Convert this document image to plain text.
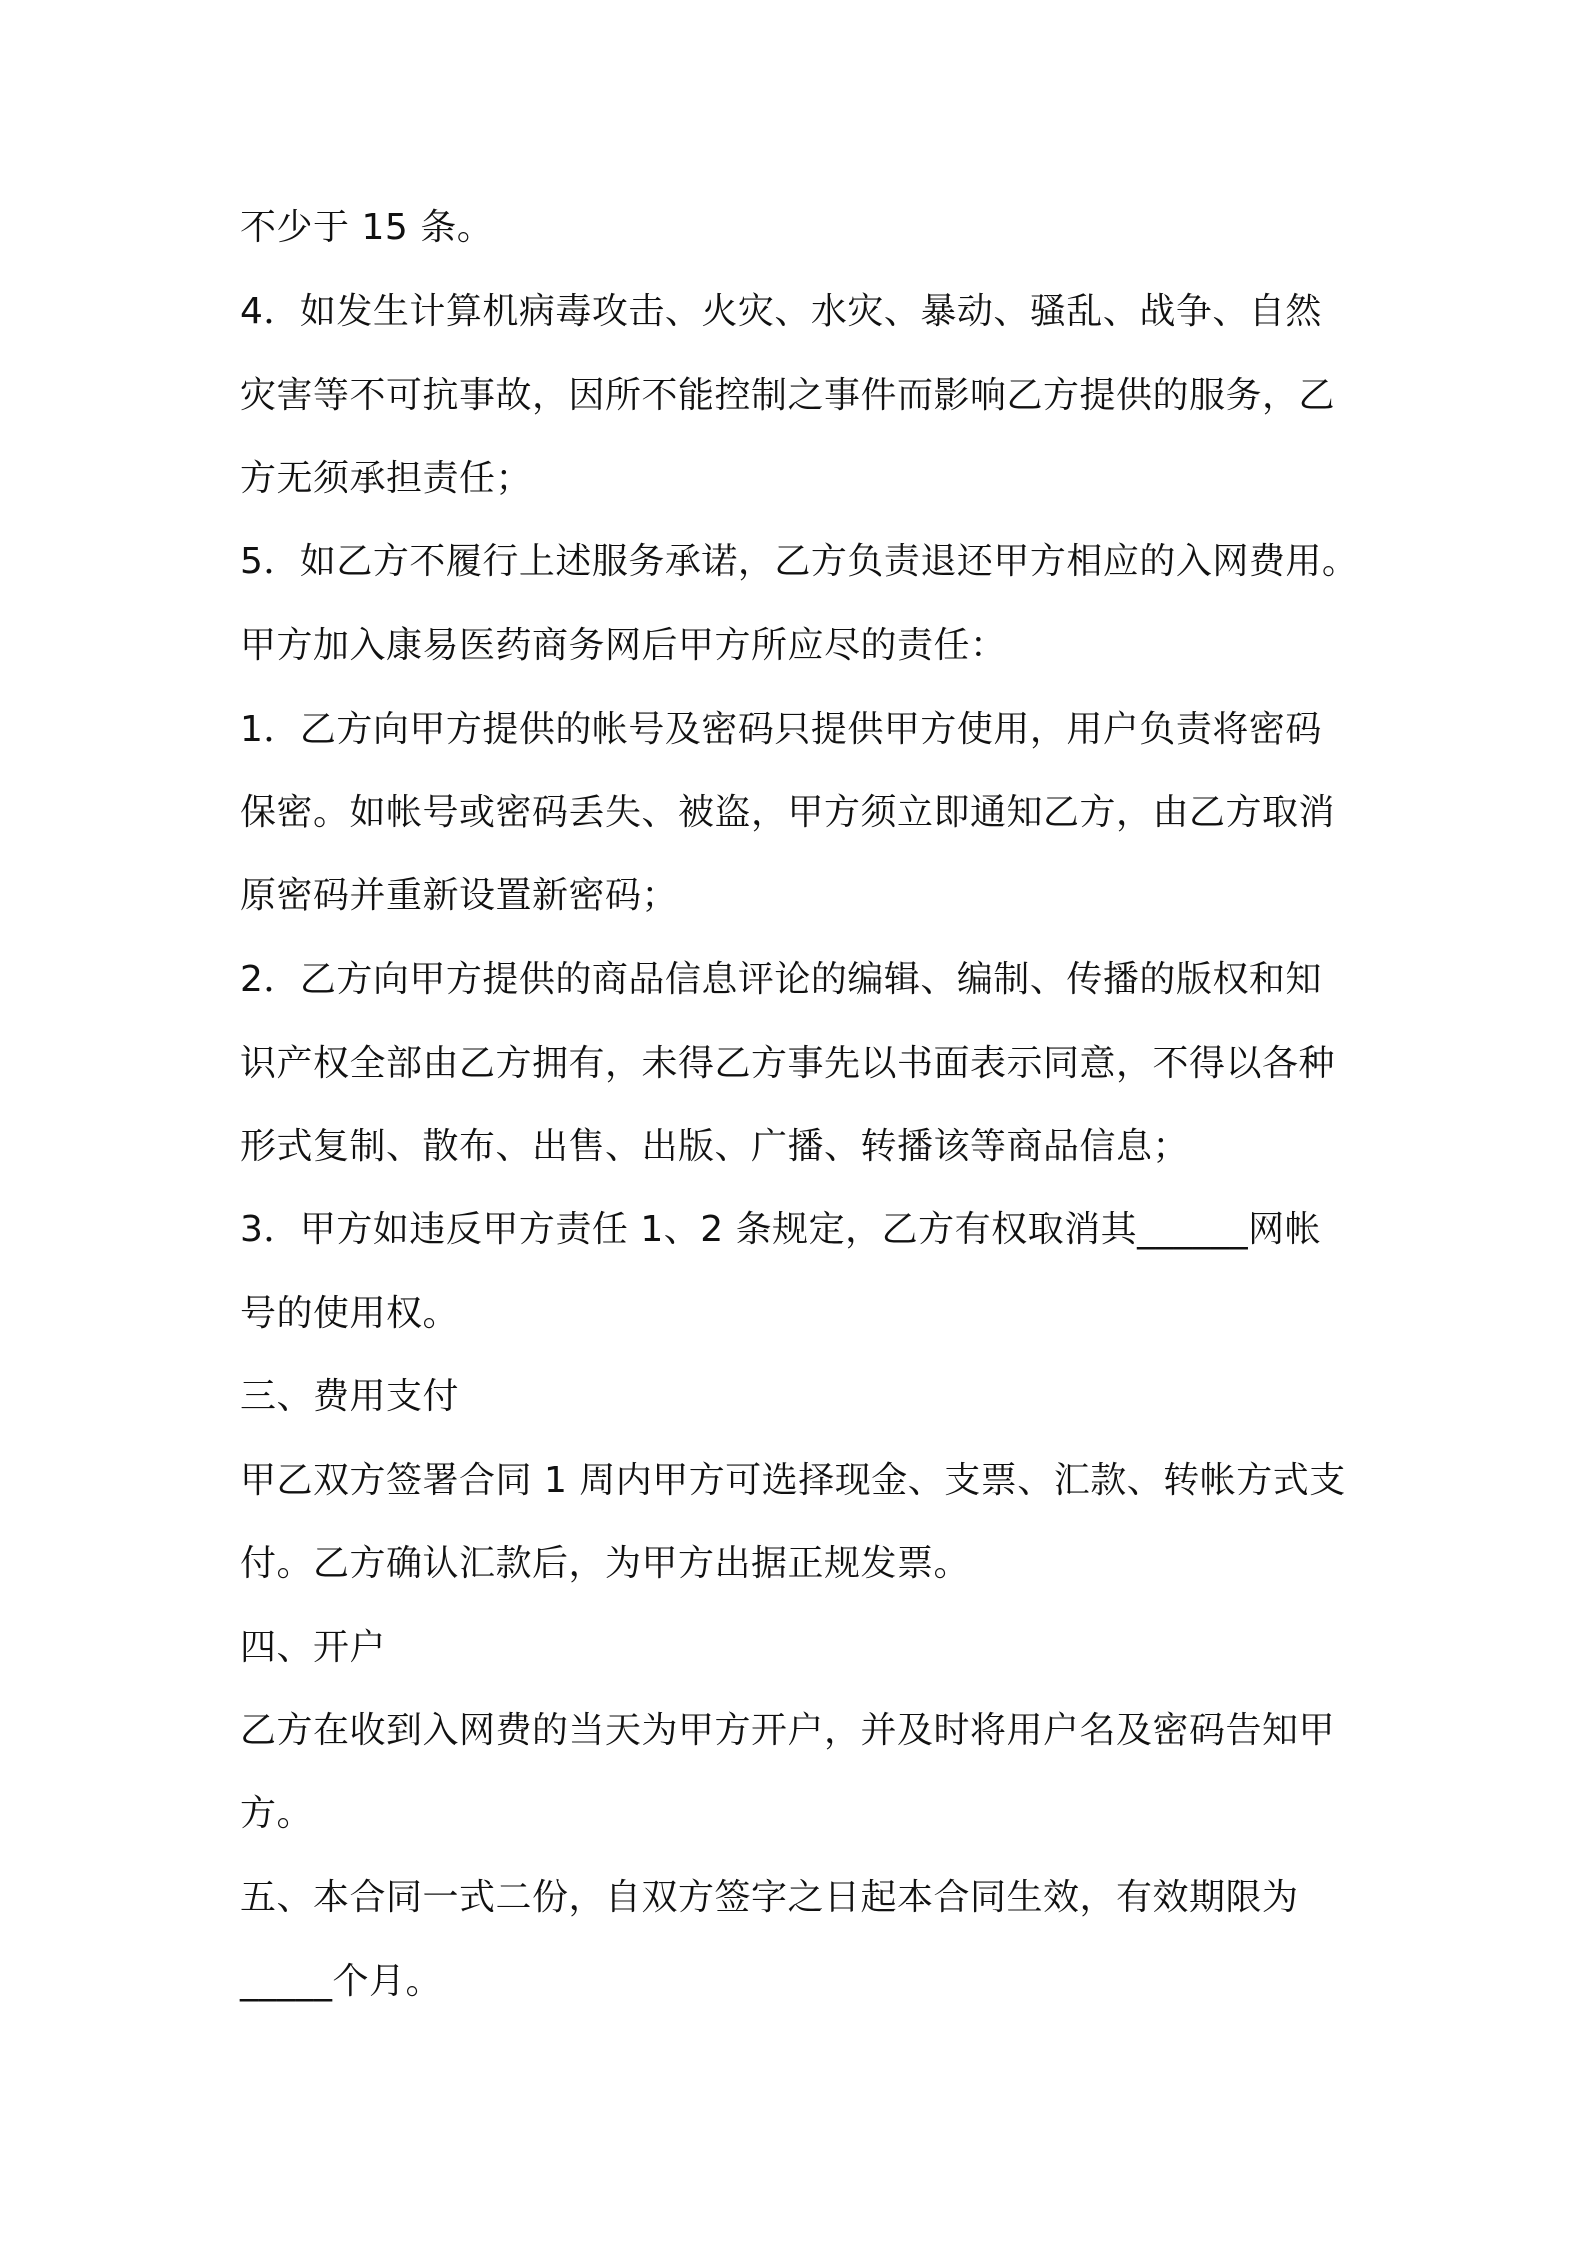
不少于 15 条。

4．如发生计算机病毒攻击、火灾、水灾、暴动、骚乱、战争、自然

灾害等不可抗事故，因所不能控制之事件而影响乙方提供的服务，乙

方无须承担责任；

5．如乙方不履行上述服务承诺，乙方负责退还甲方相应的入网费用。

甲方加入康易医药商务网后甲方所应尽的责任：

1．乙方向甲方提供的帐号及密码只提供甲方使用，用户负责将密码

保密。如帐号或密码丢失、被盗，甲方须立即通知乙方，由乙方取消

原密码并重新设置新密码；

2．乙方向甲方提供的商品信息评论的编辑、编制、传播的版权和知

识产权全部由乙方拥有，未得乙方事先以书面表示同意，不得以各种

形式复制、散布、出售、出版、广播、转播该等商品信息；

3．甲方如违反甲方责任 1、2 条规定，乙方有权取消其______网帐

号的使用权。

三、费用支付

甲乙双方签署合同 1 周内甲方可选择现金、支票、汇款、转帐方式支

付。乙方确认汇款后，为甲方出据正规发票。

四、开户

乙方在收到入网费的当天为甲方开户，并及时将用户名及密码告知甲

方。

五、本合同一式二份，自双方签字之日起本合同生效，有效期限为

_____个月。
